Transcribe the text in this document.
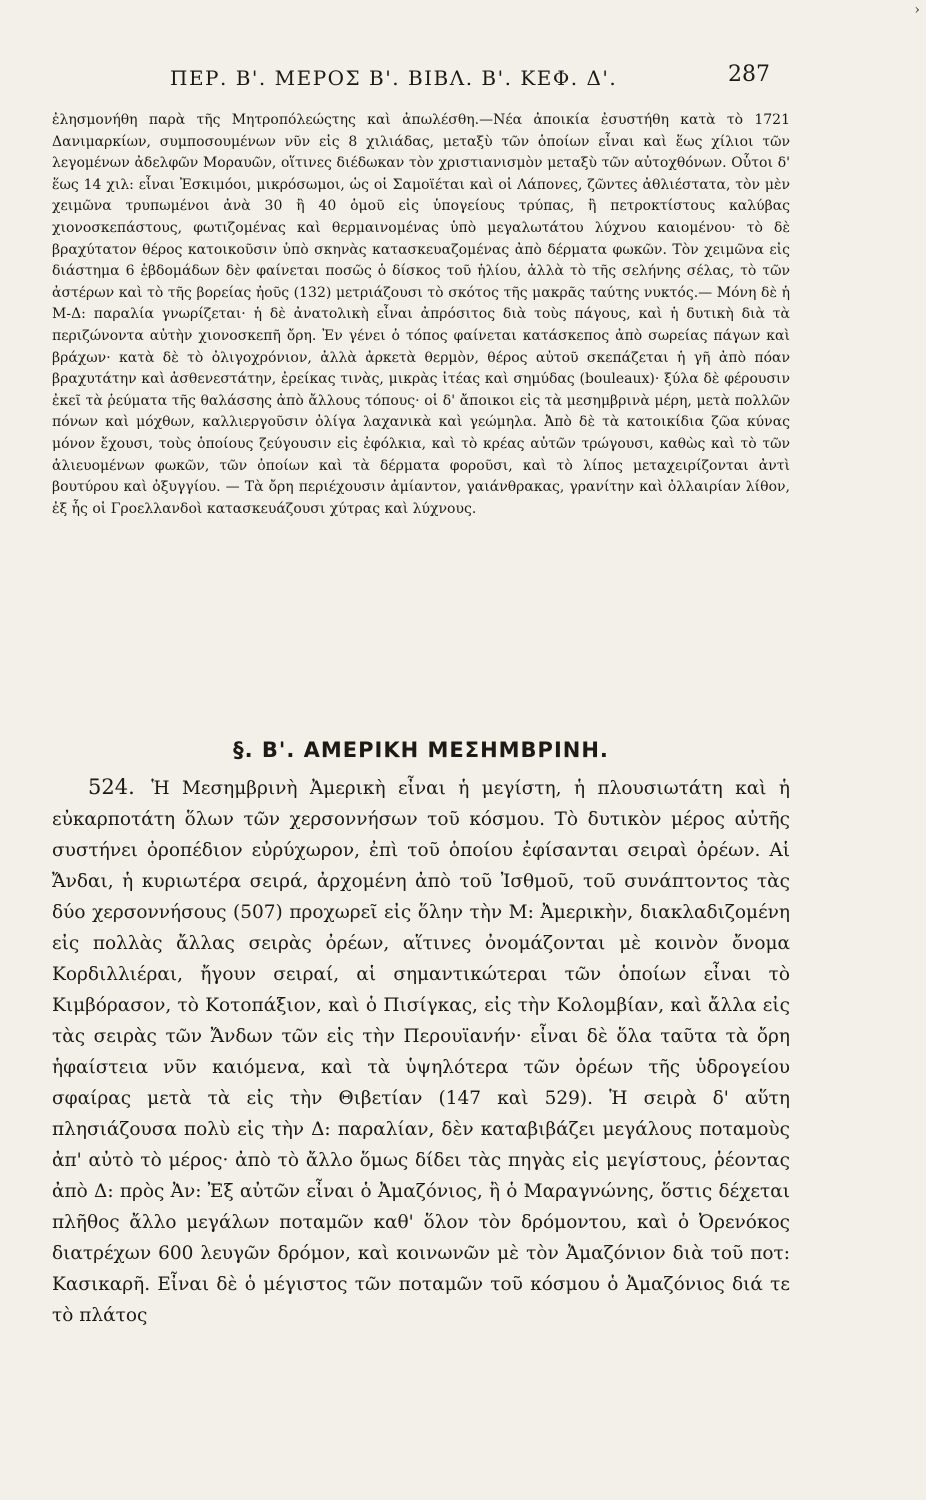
›
ΠΕΡ. Β'. ΜΕΡΟΣ Β'. ΒΙΒΛ. Β'. ΚΕΦ. Δ'.	287

ἐλησμονήθη παρὰ τῆς Μητροπόλεώςτης καὶ ἀπωλέσθη.—Νέα ἀποικία ἐσυστήθη κατὰ τὸ 1721 Δανιμαρκίων, συμποσουμένων νῦν εἰς 8 χιλιάδας, μεταξὺ τῶν ὁποίων εἶναι καὶ ἕως χίλιοι τῶν λεγομένων ἀδελφῶν Μοραυῶν, οἵτινες διέδωκαν τὸν χριστιανισμὸν μεταξὺ τῶν αὐτοχθόνων. Οὗτοι δ' ἕως 14 χιλ: εἶναι Ἐσκιμόοι, μικρόσωμοι, ὡς οἱ Σαμοϊέται καὶ οἱ Λάπονες, ζῶντες ἀθλιέστατα, τὸν μὲν χειμῶνα τρυπωμένοι ἀνὰ 30 ἢ 40 ὁμοῦ εἰς ὑπογείους τρύπας, ἢ πετροκτίστους καλύβας χιονοσκεπάστους, φωτιζομένας καὶ θερμαινομένας ὑπὸ μεγαλωτάτου λύχνου καιομένου· τὸ δὲ βραχύτατον θέρος κατοικοῦσιν ὑπὸ σκηνὰς κατασκευαζομένας ἀπὸ δέρματα φωκῶν. Τὸν χειμῶνα εἰς διάστημα 6 ἑβδομάδων δὲν φαίνεται ποσῶς ὁ δίσκος τοῦ ἡλίου, ἀλλὰ τὸ τῆς σελήνης σέλας, τὸ τῶν ἀστέρων καὶ τὸ τῆς βορείας ἠοῦς (132) μετριάζουσι τὸ σκότος τῆς μακρᾶς ταύτης νυκτός.— Μόνη δὲ ἡ Μ-Δ: παραλία γνωρίζεται· ἡ δὲ ἀνατολικὴ εἶναι ἀπρόσιτος διὰ τοὺς πάγους, καὶ ἡ δυτικὴ διὰ τὰ περιζώνοντα αὐτὴν χιονοσκεπῆ ὄρη. Ἐν γένει ὁ τόπος φαίνεται κατάσκεπος ἀπὸ σωρείας πάγων καὶ βράχων· κατὰ δὲ τὸ ὀλιγοχρόνιον, ἀλλὰ ἀρκετὰ θερμὸν, θέρος αὐτοῦ σκεπάζεται ἡ γῆ ἀπὸ πόαν βραχυτάτην καὶ ἀσθενεστάτην, ἐρείκας τινὰς, μικρὰς ἰτέας καὶ σημύδας (bouleaux)· ξύλα δὲ φέρουσιν ἐκεῖ τὰ ῥεύματα τῆς θαλάσσης ἀπὸ ἄλλους τόπους· οἱ δ' ἄποικοι εἰς τὰ μεσημβρινὰ μέρη, μετὰ πολλῶν πόνων καὶ μόχθων, καλλιεργοῦσιν ὀλίγα λαχανικὰ καὶ γεώμηλα. Ἀπὸ δὲ τὰ κατοικίδια ζῶα κύνας μόνον ἔχουσι, τοὺς ὁποίους ζεύγουσιν εἰς ἐφόλκια, καὶ τὸ κρέας αὐτῶν τρώγουσι, καθὼς καὶ τὸ τῶν ἁλιευομένων φωκῶν, τῶν ὁποίων καὶ τὰ δέρματα φοροῦσι, καὶ τὸ λίπος μεταχειρίζονται ἀντὶ βουτύρου καὶ ὀξυγγίου. — Τὰ ὄρη περιέχουσιν ἀμίαντον, γαιάνθρακας, γρανίτην καὶ ὀλλαιρίαν λίθον, ἐξ ἧς οἱ Γροελλανδοὶ κατασκευάζουσι χύτρας καὶ λύχνους.

§. Β'. ΑΜΕΡΙΚΗ ΜΕΣΗΜΒΡΙΝΗ.

524. Ἡ Μεσημβρινὴ Ἀμερικὴ εἶναι ἡ μεγίστη, ἡ πλουσιωτάτη καὶ ἡ εὐκαρποτάτη ὅλων τῶν χερσοννήσων τοῦ κόσμου. Τὸ δυτικὸν μέρος αὐτῆς συστήνει ὀροπέδιον εὐρύχωρον, ἐπὶ τοῦ ὁποίου ἐφίσανται σειραὶ ὀρέων. Αἱ Ἄνδαι, ἡ κυριωτέρα σειρά, ἀρχομένη ἀπὸ τοῦ Ἰσθμοῦ, τοῦ συνάπτοντος τὰς δύο χερσοννήσους (507) προχωρεῖ εἰς ὅλην τὴν Μ: Ἀμερικὴν, διακλαδιζομένη εἰς πολλὰς ἄλλας σειρὰς ὀρέων, αἵτινες ὀνομάζονται μὲ κοινὸν ὄνομα Κορδιλλιέραι, ἤγουν σειραί, αἱ σημαντικώτεραι τῶν ὁποίων εἶναι τὸ Κιμβόρασον, τὸ Κοτοπάξιον, καὶ ὁ Πισίγκας, εἰς τὴν Κολομβίαν, καὶ ἄλλα εἰς τὰς σειρὰς τῶν Ἄνδων τῶν εἰς τὴν Περουϊανήν· εἶναι δὲ ὅλα ταῦτα τὰ ὄρη ἡφαίστεια νῦν καιόμενα, καὶ τὰ ὑψηλότερα τῶν ὀρέων τῆς ὑδρογείου σφαίρας μετὰ τὰ εἰς τὴν Θιβετίαν (147 καὶ 529). Ἡ σειρὰ δ' αὕτη πλησιάζουσα πολὺ εἰς τὴν Δ: παραλίαν, δὲν καταβιβάζει μεγάλους ποταμοὺς ἀπ' αὐτὸ τὸ μέρος· ἀπὸ τὸ ἄλλο ὅμως δίδει τὰς πηγὰς εἰς μεγίστους, ῥέοντας ἀπὸ Δ: πρὸς Ἀν: Ἐξ αὐτῶν εἶναι ὁ Ἀμαζόνιος, ἢ ὁ Μαραγνώνης, ὅστις δέχεται πλῆθος ἄλλο μεγάλων ποταμῶν καθ' ὅλον τὸν δρόμοντου, καὶ ὁ Ὀρενόκος διατρέχων 600 λευγῶν δρόμον, καὶ κοινωνῶν μὲ τὸν Ἀμαζόνιον διὰ τοῦ ποτ: Κασικαρῆ. Εἶναι δὲ ὁ μέγιστος τῶν ποταμῶν τοῦ κόσμου ὁ Ἀμαζόνιος διά τε τὸ πλάτος
